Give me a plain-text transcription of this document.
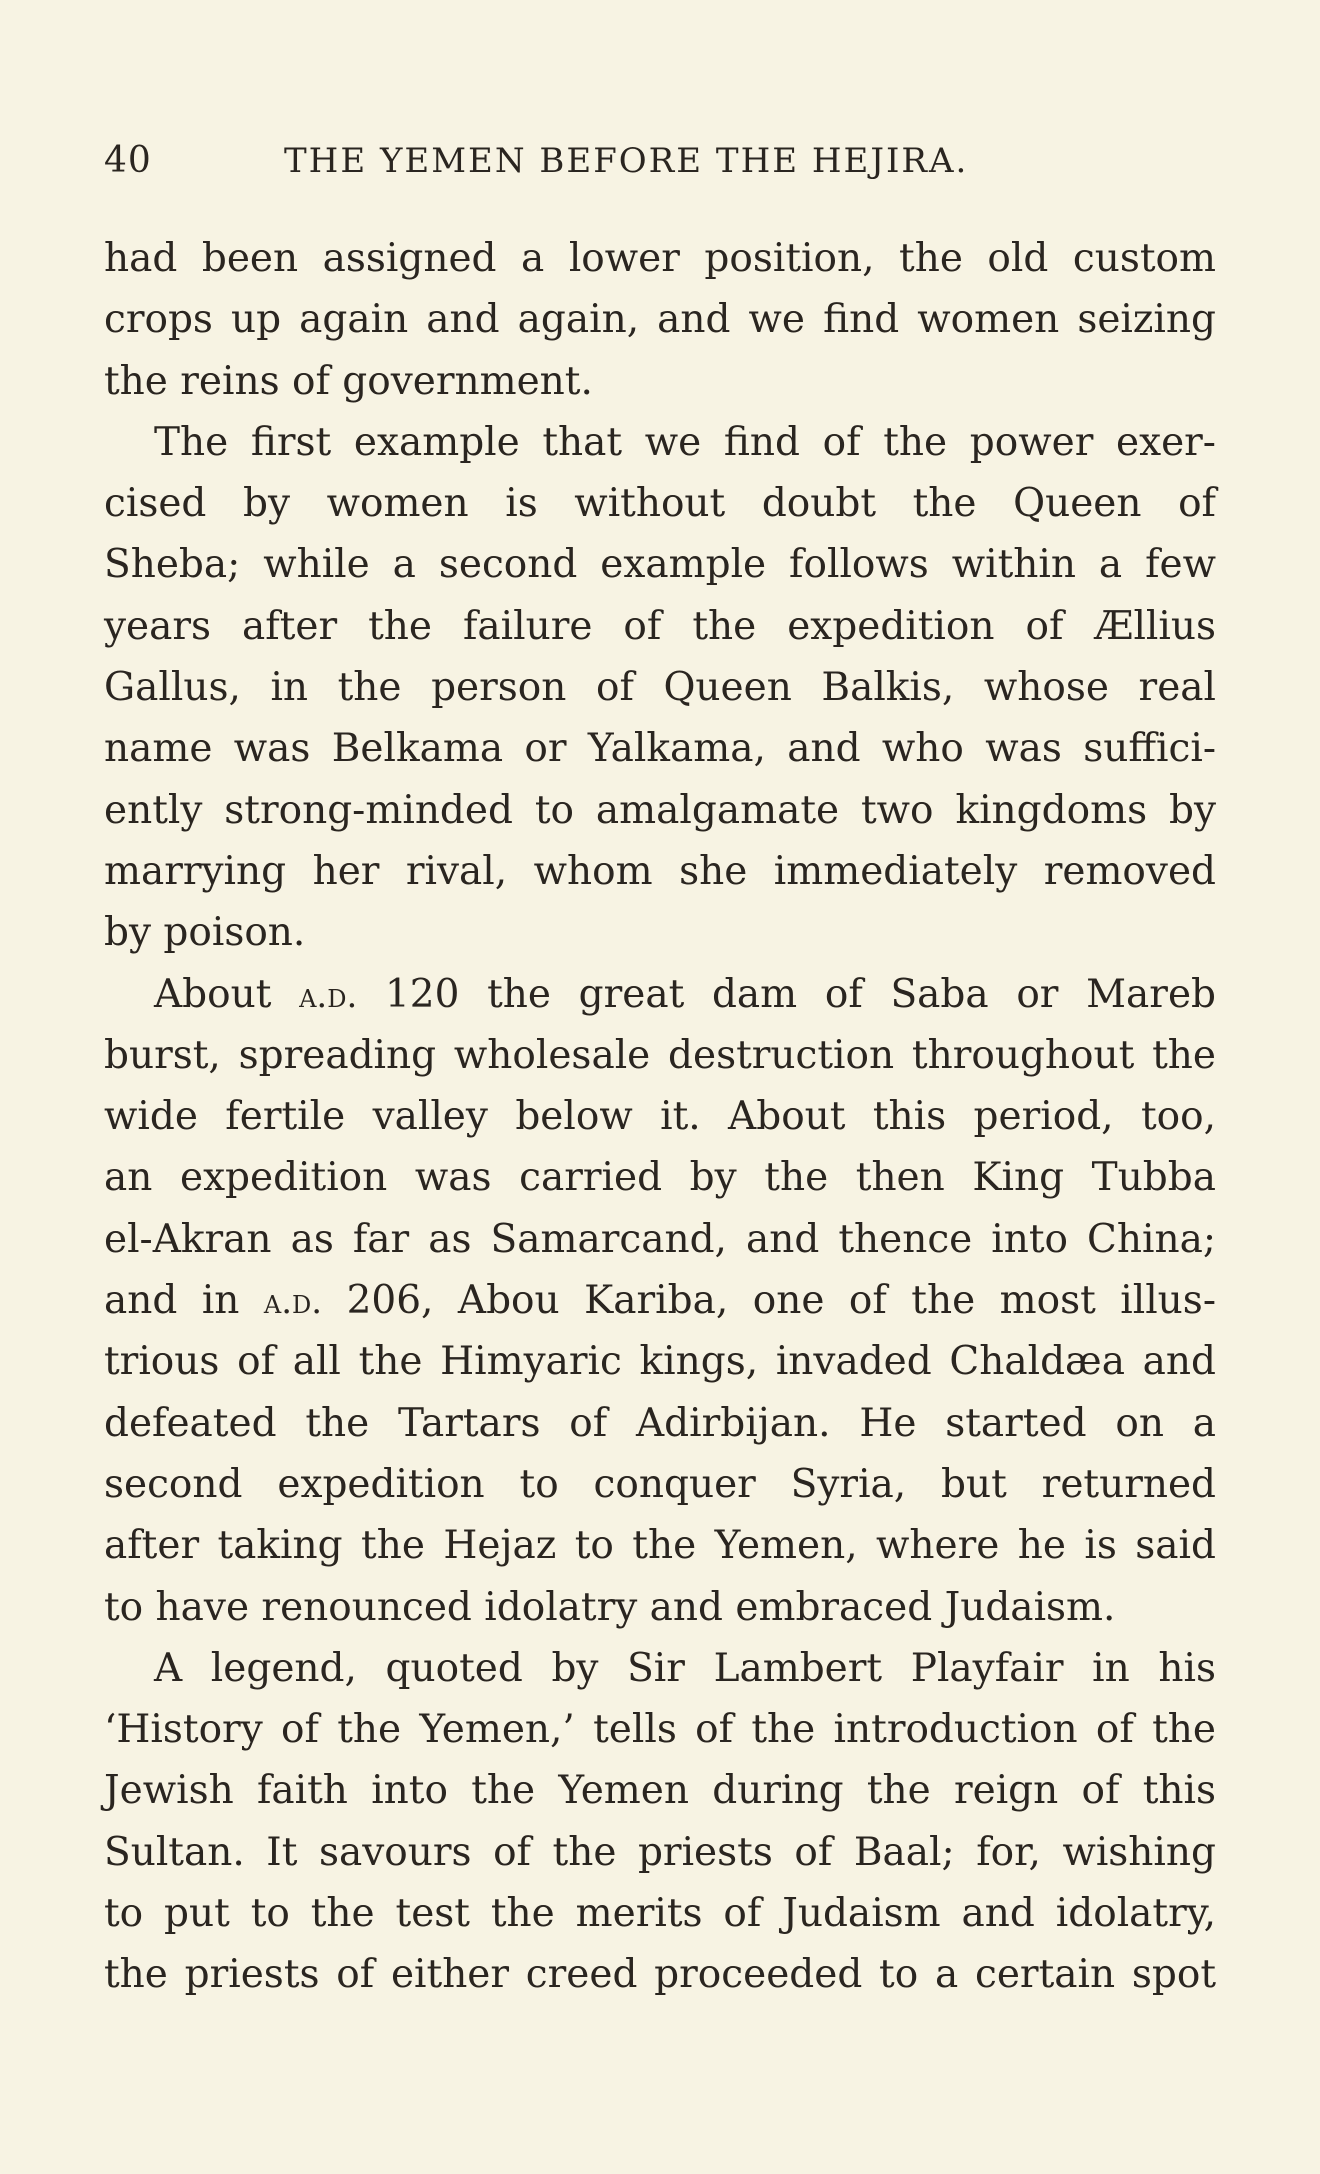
40	THE YEMEN BEFORE THE HEJIRA.
had been assigned a lower position, the old custom
crops up again and again, and we find women seizing
the reins of government.
The first example that we find of the power exer-
cised by women is without doubt the Queen of
Sheba; while a second example follows within a few
years after the failure of the expedition of Ællius
Gallus, in the person of Queen Balkis, whose real
name was Belkama or Yalkama, and who was suffici-
ently strong-minded to amalgamate two kingdoms by
marrying her rival, whom she immediately removed
by poison.
About a.d. 120 the great dam of Saba or Mareb
burst, spreading wholesale destruction throughout the
wide fertile valley below it. About this period, too,
an expedition was carried by the then King Tubba
el-Akran as far as Samarcand, and thence into China;
and in a.d. 206, Abou Kariba, one of the most illus-
trious of all the Himyaric kings, invaded Chaldæa and
defeated the Tartars of Adirbijan. He started on a
second expedition to conquer Syria, but returned
after taking the Hejaz to the Yemen, where he is said
to have renounced idolatry and embraced Judaism.
A legend, quoted by Sir Lambert Playfair in his
‘History of the Yemen,’ tells of the introduction of the
Jewish faith into the Yemen during the reign of this
Sultan. It savours of the priests of Baal; for, wishing
to put to the test the merits of Judaism and idolatry,
the priests of either creed proceeded to a certain spot
